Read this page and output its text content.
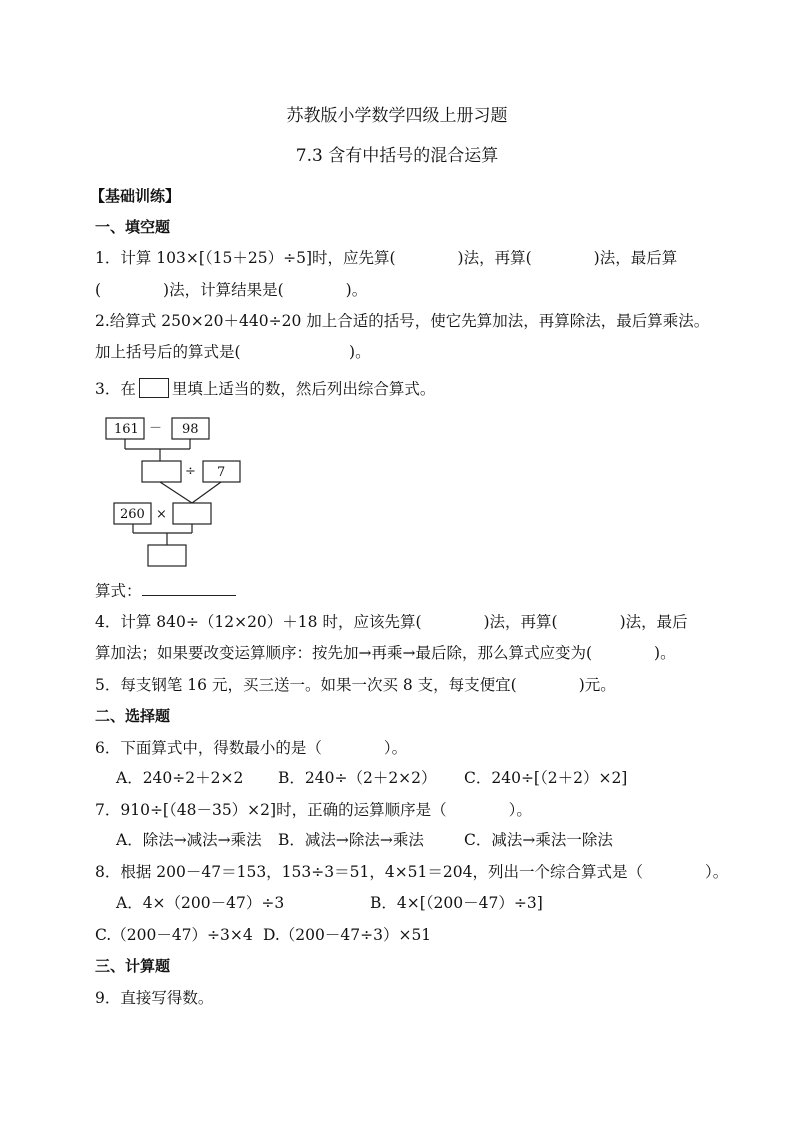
苏教版小学数学四级上册习题
7.3 含有中括号的混合运算
【基础训练】
一、填空题
1．计算 103×[（15＋25）÷5]时，应先算(　　　　)法，再算(　　　　)法，最后算
(　　　　)法，计算结果是(　　　　)。
2.给算式 250×20＋440÷20 加上合适的括号，使它先算加法，再算除法，最后算乘法。
加上括号后的算式是(　　　　　　　)。
3．在 里填上适当的数，然后列出综合算式。
161 － 98
÷ 7
260 ×
算式：
4．计算 840÷（12×20）＋18 时，应该先算(　　　　)法，再算(　　　　)法，最后
算加法；如果要改变运算顺序：按先加→再乘→最后除，那么算式应变为(　　　　)。
5．每支钢笔 16 元，买三送一。如果一次买 8 支，每支便宜(　　　　)元。
二、选择题
6．下面算式中，得数最小的是（　　　　）。
A．240÷2＋2×2 B．240÷（2＋2×2） C．240÷[（2＋2）×2]
7．910÷[（48－35）×2]时，正确的运算顺序是（　　　　）。
A．除法→减法→乘法 B．减法→除法→乘法	C．减法→乘法一除法
8．根据 200－47＝153，153÷3＝51，4×51＝204，列出一个综合算式是（　　　　）。
A．4×（200－47）÷3	B．4×[（200－47）÷3]
C.（200－47）÷3×4 D.（200－47÷3）×51
三、计算题
9．直接写得数。
